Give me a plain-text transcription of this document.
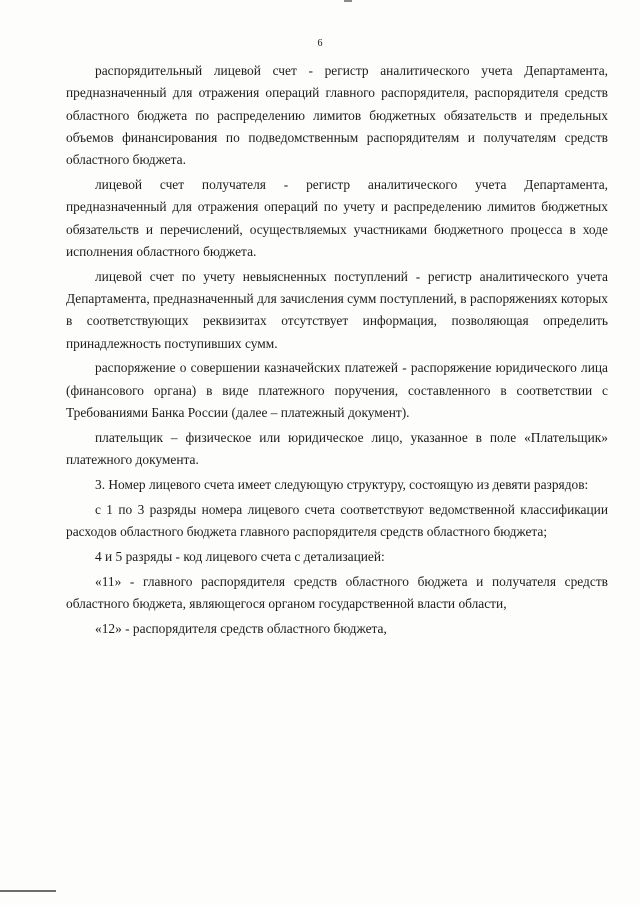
6

распорядительный лицевой счет - регистр аналитического учета Департамента, предназначенный для отражения операций главного распорядителя, распорядителя средств областного бюджета по распределению лимитов бюджетных обязательств и предельных объемов финансирования по подведомственным распорядителям и получателям средств областного бюджета.

лицевой счет получателя - регистр аналитического учета Департамента, предназначенный для отражения операций по учету и распределению лимитов бюджетных обязательств и перечислений, осуществляемых участниками бюджетного процесса в ходе исполнения областного бюджета.

лицевой счет по учету невыясненных поступлений - регистр аналитического учета Департамента, предназначенный для зачисления сумм поступлений, в распоряжениях которых в соответствующих реквизитах отсутствует информация, позволяющая определить принадлежность поступивших сумм.

распоряжение о совершении казначейских платежей - распоряжение юридического лица (финансового органа) в виде платежного поручения, составленного в соответствии с Требованиями Банка России (далее – платежный документ).

плательщик – физическое или юридическое лицо, указанное в поле «Плательщик» платежного документа.

3. Номер лицевого счета имеет следующую структуру, состоящую из девяти разрядов:

с 1 по 3 разряды номера лицевого счета соответствуют ведомственной классификации расходов областного бюджета главного распорядителя средств областного бюджета;

4 и 5 разряды - код лицевого счета с детализацией:

«11» - главного распорядителя средств областного бюджета и получателя средств областного бюджета, являющегося органом государственной власти области,

«12» - распорядителя средств областного бюджета,
